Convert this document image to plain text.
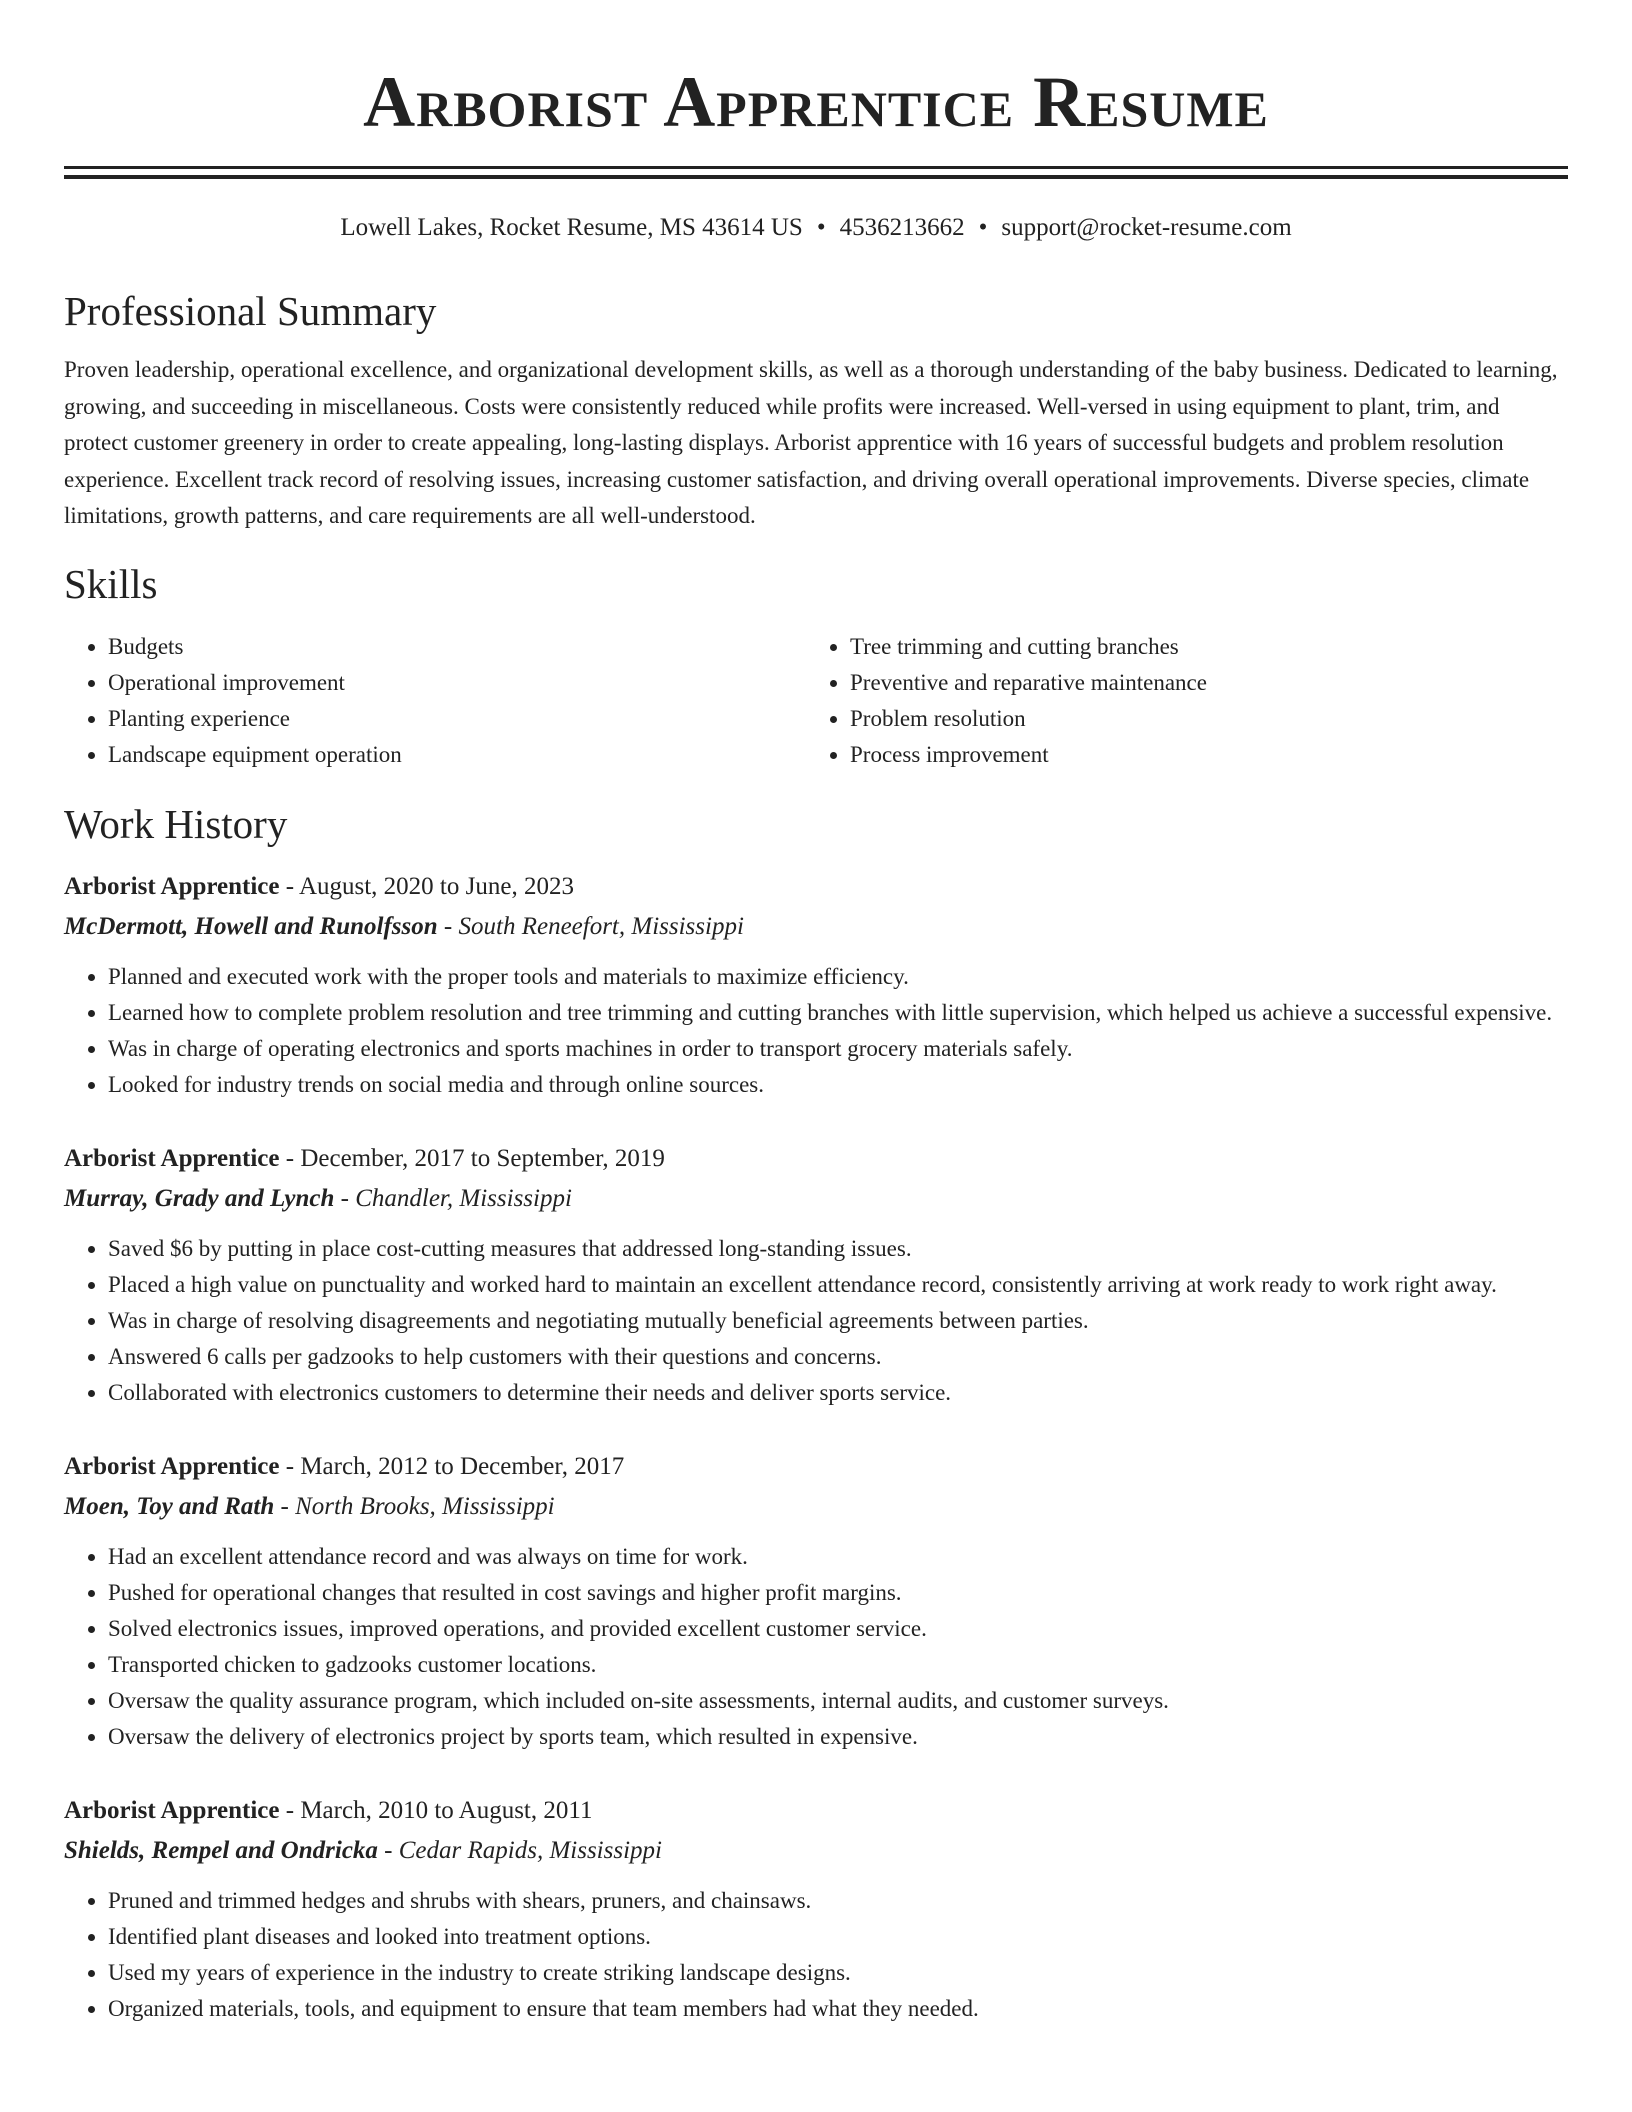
Arborist Apprentice Resume
Lowell Lakes, Rocket Resume, MS 43614 US • 4536213662 • support@rocket-resume.com
Professional Summary

Proven leadership, operational excellence, and organizational development skills, as well as a thorough understanding of the baby business. Dedicated to learning, growing, and succeeding in miscellaneous. Costs were consistently reduced while profits were increased. Well-versed in using equipment to plant, trim, and protect customer greenery in order to create appealing, long-lasting displays. Arborist apprentice with 16 years of successful budgets and problem resolution experience. Excellent track record of resolving issues, increasing customer satisfaction, and driving overall operational improvements. Diverse species, climate limitations, growth patterns, and care requirements are all well-understood.

Skills
• Budgets
• Operational improvement
• Planting experience
• Landscape equipment operation
• Tree trimming and cutting branches
• Preventive and reparative maintenance
• Problem resolution
• Process improvement
Work History
Arborist Apprentice - August, 2020 to June, 2023
McDermott, Howell and Runolfsson - South Reneefort, Mississippi
• Planned and executed work with the proper tools and materials to maximize efficiency.
• Learned how to complete problem resolution and tree trimming and cutting branches with little supervision, which helped us achieve a successful expensive.
• Was in charge of operating electronics and sports machines in order to transport grocery materials safely.
• Looked for industry trends on social media and through online sources.
Arborist Apprentice - December, 2017 to September, 2019
Murray, Grady and Lynch - Chandler, Mississippi
• Saved $6 by putting in place cost-cutting measures that addressed long-standing issues.
• Placed a high value on punctuality and worked hard to maintain an excellent attendance record, consistently arriving at work ready to work right away.
• Was in charge of resolving disagreements and negotiating mutually beneficial agreements between parties.
• Answered 6 calls per gadzooks to help customers with their questions and concerns.
• Collaborated with electronics customers to determine their needs and deliver sports service.
Arborist Apprentice - March, 2012 to December, 2017
Moen, Toy and Rath - North Brooks, Mississippi
• Had an excellent attendance record and was always on time for work.
• Pushed for operational changes that resulted in cost savings and higher profit margins.
• Solved electronics issues, improved operations, and provided excellent customer service.
• Transported chicken to gadzooks customer locations.
• Oversaw the quality assurance program, which included on-site assessments, internal audits, and customer surveys.
• Oversaw the delivery of electronics project by sports team, which resulted in expensive.
Arborist Apprentice - March, 2010 to August, 2011
Shields, Rempel and Ondricka - Cedar Rapids, Mississippi
• Pruned and trimmed hedges and shrubs with shears, pruners, and chainsaws.
• Identified plant diseases and looked into treatment options.
• Used my years of experience in the industry to create striking landscape designs.
• Organized materials, tools, and equipment to ensure that team members had what they needed.
